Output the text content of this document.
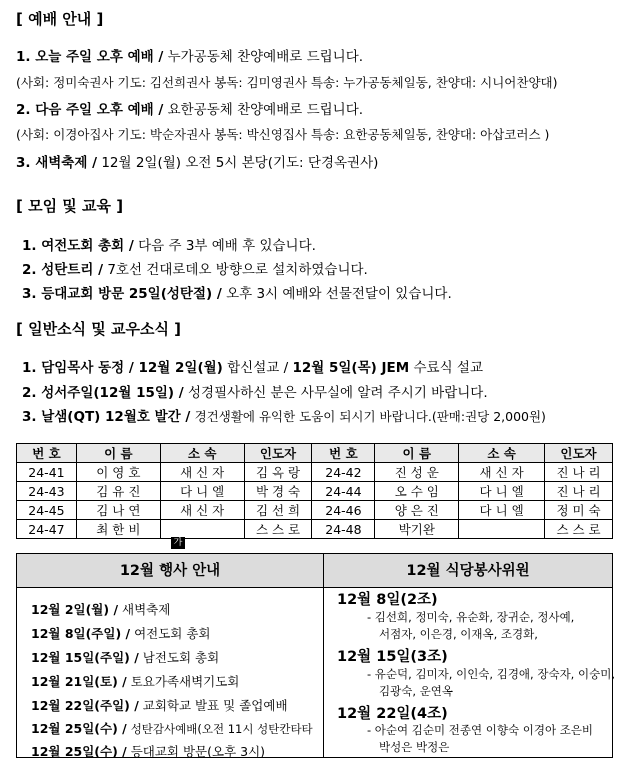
[ 예배 안내 ]
1. 오늘 주일 오후 예배 / 누가공동체 찬양예배로 드립니다.
(사회: 정미숙권사 기도: 김선희권사 봉독: 김미영권사 특송: 누가공동체일동, 찬양대: 시니어찬양대)
2. 다음 주일 오후 예배 / 요한공동체 찬양예배로 드립니다.
(사회: 이경아집사 기도: 박순자권사 봉독: 박신영집사 특송: 요한공동체일동, 찬양대: 아삽코러스 )
3. 새벽축제 / 12월 2일(월) 오전 5시 본당(기도: 단경옥권사)
[ 모임 및 교육 ]
1. 여전도회 총회 / 다음 주 3부 예배 후 있습니다.
2. 성탄트리 / 7호선 건대로데오 방향으로 설치하였습니다.
3. 등대교회 방문 25일(성탄절) / 오후 3시 예배와 선물전달이 있습니다.
[ 일반소식 및 교우소식 ]
1. 담임목사 동정 / 12월 2일(월) 합신설교 / 12월 5일(목) JEM 수료식 설교
2. 성서주일(12월 15일) / 성경필사하신 분은 사무실에 알려 주시기 바랍니다.
3. 날샘(QT) 12월호 발간 / 경건생활에 유익한 도움이 되시기 바랍니다.(판매:권당 2,000원)
번 호	이 름	소 속	인도자	번 호	이 름	소 속	인도자
24-41	이 영 호	새 신 자	김 옥 랑	24-42	진 성 운	새 신 자	진 나 리
24-43	김 유 진	다 니 엘	박 경 숙	24-44	오 수 임	다 니 엘	진 나 리
24-45	김 나 연	새 신 자	김 선 희	24-46	양 은 진	다 니 엘	정 미 숙
24-47	최 한 비		스 스 로	24-48	박기완		스 스 로
가
12월 행사 안내	12월 식당봉사위원
12월 2일(월) / 새벽축제
12월 8일(주일) / 여전도회 총회
12월 15일(주일) / 남전도회 총회
12월 21일(토) / 토요가족새벽기도회
12월 22일(주일) / 교회학교 발표 및 졸업예배
12월 25일(수) / 성탄감사예배(오전 11시 성탄칸타타
12월 25일(수) / 등대교회 방문(오후 3시)
12월 8일(2조)
- 김선희, 정미숙, 유순화, 장귀순, 정사예,
서점자, 이은경, 이재옥, 조경화,
12월 15일(3조)
- 유순덕, 김미자, 이인숙, 김경애, 장숙자, 이숭미,
김광숙, 운연옥
12월 22일(4조)
- 아순여 김순미 전종연 이향숙 이경아 조은비
박성은 박정은
